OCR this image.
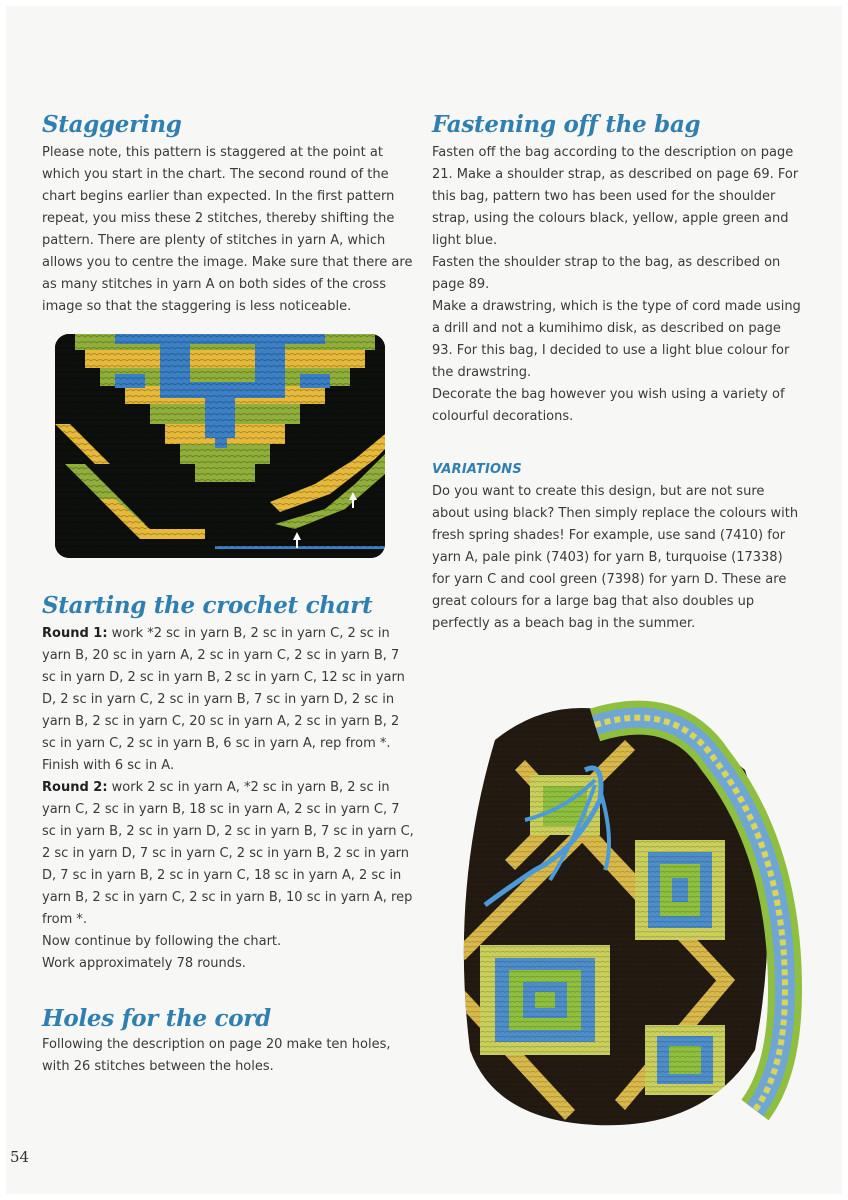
Staggering

Please note, this pattern is staggered at the point at which you start in the chart. The second round of the chart begins earlier than expected. In the first pattern repeat, you miss these 2 stitches, thereby shifting the pattern. There are plenty of stitches in yarn A, which allows you to centre the image. Make sure that there are as many stitches in yarn A on both sides of the cross image so that the staggering is less noticeable.

Starting the crochet chart

Round 1: work *2 sc in yarn B, 2 sc in yarn C, 2 sc in yarn B, 20 sc in yarn A, 2 sc in yarn C, 2 sc in yarn B, 7 sc in yarn D, 2 sc in yarn B, 2 sc in yarn C, 12 sc in yarn D, 2 sc in yarn C, 2 sc in yarn B, 7 sc in yarn D, 2 sc in yarn B, 2 sc in yarn C, 20 sc in yarn A, 2 sc in yarn B, 2 sc in yarn C, 2 sc in yarn B, 6 sc in yarn A, rep from *.
Finish with 6 sc in A.

Round 2: work 2 sc in yarn A, *2 sc in yarn B, 2 sc in yarn C, 2 sc in yarn B, 18 sc in yarn A, 2 sc in yarn C, 7 sc in yarn B, 2 sc in yarn D, 2 sc in yarn B, 7 sc in yarn C, 2 sc in yarn D, 7 sc in yarn C, 2 sc in yarn B, 2 sc in yarn D, 7 sc in yarn B, 2 sc in yarn C, 18 sc in yarn A, 2 sc in yarn B, 2 sc in yarn C, 2 sc in yarn B, 10 sc in yarn A, rep from *.

Now continue by following the chart.

Work approximately 78 rounds.

Holes for the cord

Following the description on page 20 make ten holes, with 26 stitches between the holes.

Fastening off the bag

Fasten off the bag according to the description on page 21. Make a shoulder strap, as described on page 69. For this bag, pattern two has been used for the shoulder strap, using the colours black, yellow, apple green and light blue.

Fasten the shoulder strap to the bag, as described on page 89.

Make a drawstring, which is the type of cord made using a drill and not a kumihimo disk, as described on page 93. For this bag, I decided to use a light blue colour for the drawstring.

Decorate the bag however you wish using a variety of colourful decorations.

VARIATIONS

Do you want to create this design, but are not sure about using black? Then simply replace the colours with fresh spring shades! For example, use sand (7410) for yarn A, pale pink (7403) for yarn B, turquoise (17338) for yarn C and cool green (7398) for yarn D. These are great colours for a large bag that also doubles up perfectly as a beach bag in the summer.

54
